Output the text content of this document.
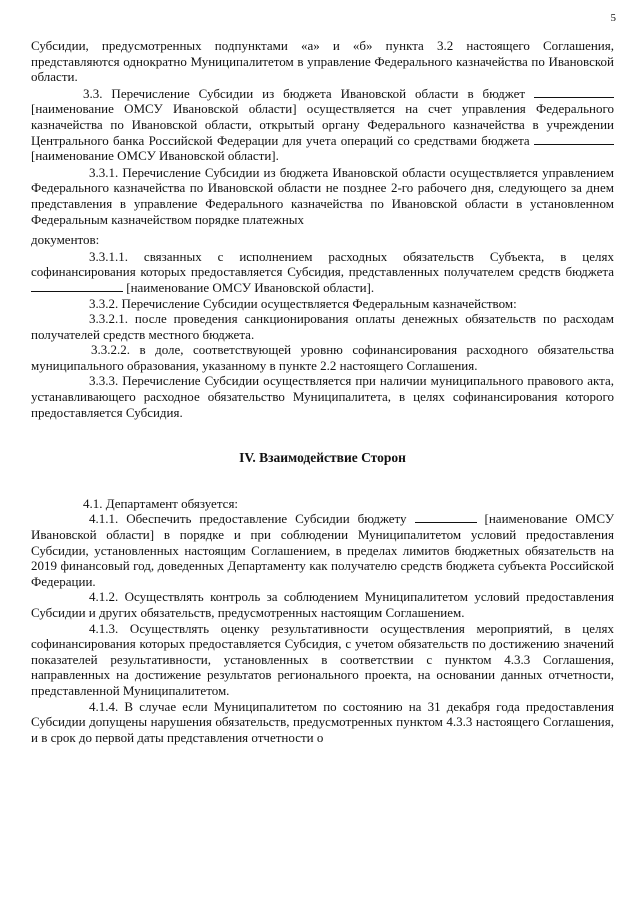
5

Субсидии, предусмотренных подпунктами «а» и «б» пункта 3.2 настоящего Соглашения, представляются однократно Муниципалитетом в управление Федерального казначейства по Ивановской области.

3.3. Перечисление Субсидии из бюджета Ивановской области в бюджет  [наименование ОМСУ Ивановской области] осуществляется на счет управления Федерального казначейства по Ивановской области, открытый органу Федерального казначейства в учреждении Центрального банка Российской Федерации для учета операций со средствами бюджета  [наименование ОМСУ Ивановской области].

3.3.1. Перечисление Субсидии из бюджета Ивановской области осуществляется управлением Федерального казначейства по Ивановской области не позднее 2-го рабочего дня, следующего за днем представления в управление Федерального казначейства по Ивановской области в установленном Федеральным казначейством порядке платежных

документов:

3.3.1.1. связанных с исполнением расходных обязательств Субъекта, в целях софинансирования которых предоставляется Субсидия, представленных получателем средств бюджета  [наименование ОМСУ Ивановской области].

3.3.2. Перечисление Субсидии осуществляется Федеральным казначейством:

3.3.2.1. после проведения санкционирования оплаты денежных обязательств по расходам получателей средств местного бюджета.

3.3.2.2. в доле, соответствующей уровню софинансирования расходного обязательства муниципального образования, указанному в пункте 2.2 настоящего Соглашения.

3.3.3. Перечисление Субсидии осуществляется при наличии муниципального правового акта, устанавливающего расходное обязательство Муниципалитета, в целях софинансирования которого предоставляется Субсидия.

IV. Взаимодействие Сторон

4.1. Департамент обязуется:

4.1.1. Обеспечить предоставление Субсидии бюджету	[наименование ОМСУ Ивановской области] в порядке и при соблюдении Муниципалитетом условий предоставления Субсидии, установленных настоящим Соглашением, в пределах лимитов бюджетных обязательств на 2019 финансовый год, доведенных Департаменту как получателю средств бюджета субъекта Российской Федерации.

4.1.2. Осуществлять контроль за соблюдением Муниципалитетом условий предоставления Субсидии и других обязательств, предусмотренных настоящим Соглашением.

4.1.3. Осуществлять оценку результативности осуществления мероприятий, в целях софинансирования которых предоставляется Субсидия, с учетом обязательств по достижению значений показателей результативности, установленных в соответствии с пунктом 4.3.3 Соглашения, направленных на достижение результатов регионального проекта, на основании данных отчетности, представленной Муниципалитетом.

4.1.4. В случае если Муниципалитетом по состоянию на 31 декабря года предоставления Субсидии допущены нарушения обязательств, предусмотренных пунктом 4.3.3 настоящего Соглашения, и в срок до первой даты представления отчетности о
